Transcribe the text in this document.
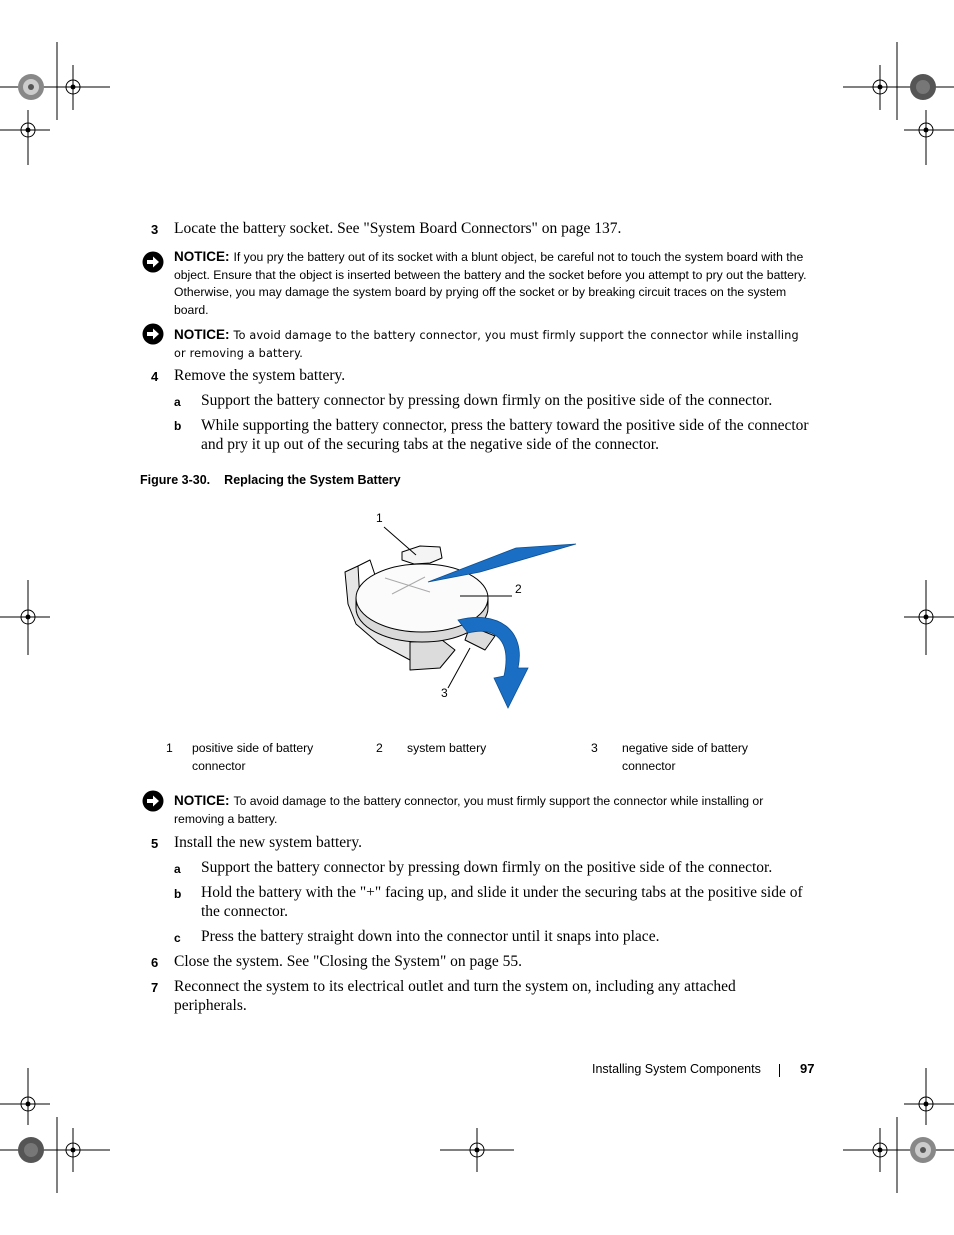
3 Locate the battery socket. See "System Board Connectors" on page 137.
NOTICE: If you pry the battery out of its socket with a blunt object, be careful not to touch the system board with the object. Ensure that the object is inserted between the battery and the socket before you attempt to pry out the battery. Otherwise, you may damage the system board by prying off the socket or by breaking circuit traces on the system board.
NOTICE: To avoid damage to the battery connector, you must firmly support the connector while installing or removing a battery.
4 Remove the system battery.
a Support the battery connector by pressing down firmly on the positive side of the connector.
b While supporting the battery connector, press the battery toward the positive side of the connector and pry it up out of the securing tabs at the negative side of the connector.
Figure 3-30. Replacing the System Battery
1
2
3
1 positive side of battery connector
2 system battery	3 negative side of battery connector
NOTICE: To avoid damage to the battery connector, you must firmly support the connector while installing or removing a battery.
5 Install the new system battery.
a Support the battery connector by pressing down firmly on the positive side of the connector.
b Hold the battery with the "+" facing up, and slide it under the securing tabs at the positive side of the connector.
c Press the battery straight down into the connector until it snaps into place.
6 Close the system. See "Closing the System" on page 55.
7 Reconnect the system to its electrical outlet and turn the system on, including any attached peripherals.
Installing System Components	97
